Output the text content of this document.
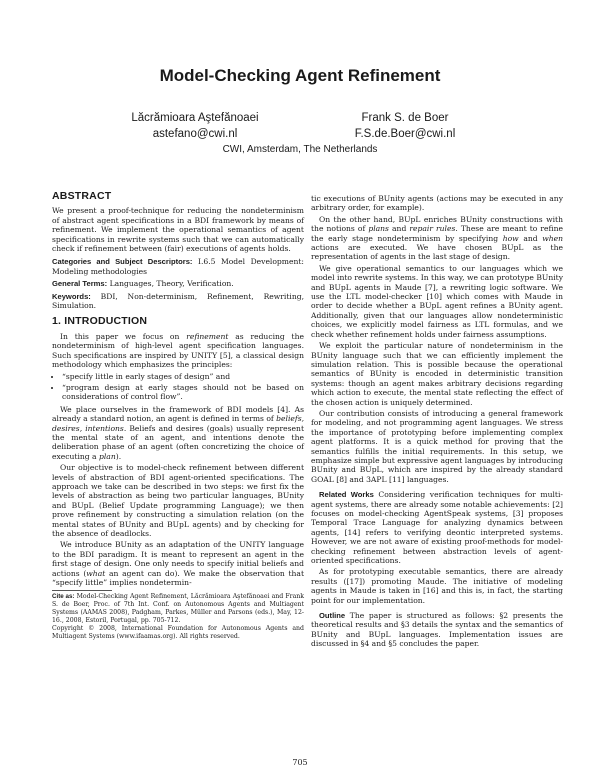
Model-Checking Agent Refinement
Lăcrămioara Aştefănoaei
astefano@cwi.nl
Frank S. de Boer
F.S.de.Boer@cwi.nl
CWI, Amsterdam, The Netherlands
ABSTRACT

We present a proof-technique for reducing the nondeterminism of abstract agent specifications in a BDI framework by means of refinement. We implement the operational semantics of agent specifications in rewrite systems such that we can automatically check if refinement between (fair) executions of agents holds.

Categories and Subject Descriptors: I.6.5 Model Development: Modeling methodologies

General Terms: Languages, Theory, Verification.

Keywords: BDI, Non-determinism, Refinement, Rewriting, Simulation.

1. INTRODUCTION

In this paper we focus on refinement as reducing the nondeterminism of high-level agent specification languages. Such specifications are inspired by UNITY [5], a classical design methodology which emphasizes the principles:

• “specify little in early stages of design” and
• “program design at early stages should not be based on considerations of control flow”.

We place ourselves in the framework of BDI models [4]. As already a standard notion, an agent is defined in terms of beliefs, desires, intentions. Beliefs and desires (goals) usually represent the mental state of an agent, and intentions denote the deliberation phase of an agent (often concretizing the choice of executing a plan).

Our objective is to model-check refinement between different levels of abstraction of BDI agent-oriented specifications. The approach we take can be described in two steps: we first fix the levels of abstraction as being two particular languages, BUnity and BUpL (Belief Update programming Language); we then prove refinement by constructing a simulation relation (on the mental states of BUnity and BUpL agents) and by checking for the absence of deadlocks.

We introduce BUnity as an adaptation of the UNITY language to the BDI paradigm. It is meant to represent an agent in the first stage of design. One only needs to specify initial beliefs and actions (what an agent can do). We make the observation that “specify little” implies nondetermin-

Cite as: Model-Checking Agent Refinement, Lăcrămioara Aştefănoaei and Frank S. de Boer, Proc. of 7th Int. Conf. on Autonomous Agents and Multiagent Systems (AAMAS 2008), Padgham, Parkes, Müller and Parsons (eds.), May, 12-16., 2008, Estoril, Portugal, pp. 705-712.

Copyright © 2008, International Foundation for Autonomous Agents and Multiagent Systems (www.ifaamas.org). All rights reserved.

tic executions of BUnity agents (actions may be executed in any arbitrary order, for example).

On the other hand, BUpL enriches BUnity constructions with the notions of plans and repair rules. These are meant to refine the early stage nondeterminism by specifying how and when actions are executed. We have chosen BUpL as the representation of agents in the last stage of design.

We give operational semantics to our languages which we model into rewrite systems. In this way, we can prototype BUnity and BUpL agents in Maude [7], a rewriting logic software. We use the LTL model-checker [10] which comes with Maude in order to decide whether a BUpL agent refines a BUnity agent. Additionally, given that our languages allow nondeterministic choices, we explicitly model fairness as LTL formulas, and we check whether refinement holds under fairness assumptions.

We exploit the particular nature of nondeterminism in the BUnity language such that we can efficiently implement the simulation relation. This is possible because the operational semantics of BUnity is encoded in deterministic transition systems: though an agent makes arbitrary decisions regarding which action to execute, the mental state reflecting the effect of the chosen action is uniquely determined.

Our contribution consists of introducing a general framework for modeling, and not programming agent languages. We stress the importance of prototyping before implementing complex agent platforms. It is a quick method for proving that the semantics fulfills the initial requirements. In this setup, we emphasize simple but expressive agent languages by introducing BUnity and BUpL, which are inspired by the already standard GOAL [8] and 3APL [11] languages.

Related Works Considering verification techniques for multi-agent systems, there are already some notable achievements: [2] focuses on model-checking AgentSpeak systems, [3] proposes Temporal Trace Language for analyzing dynamics between agents, [14] refers to verifying deontic interpreted systems. However, we are not aware of existing proof-methods for model-checking refinement between abstraction levels of agent-oriented specifications.

As for prototyping executable semantics, there are already results ([17]) promoting Maude. The initiative of modeling agents in Maude is taken in [16] and this is, in fact, the starting point for our implementation.

Outline The paper is structured as follows: §2 presents the theoretical results and §3 details the syntax and the semantics of BUnity and BUpL languages. Implementation issues are discussed in §4 and §5 concludes the paper.

705
